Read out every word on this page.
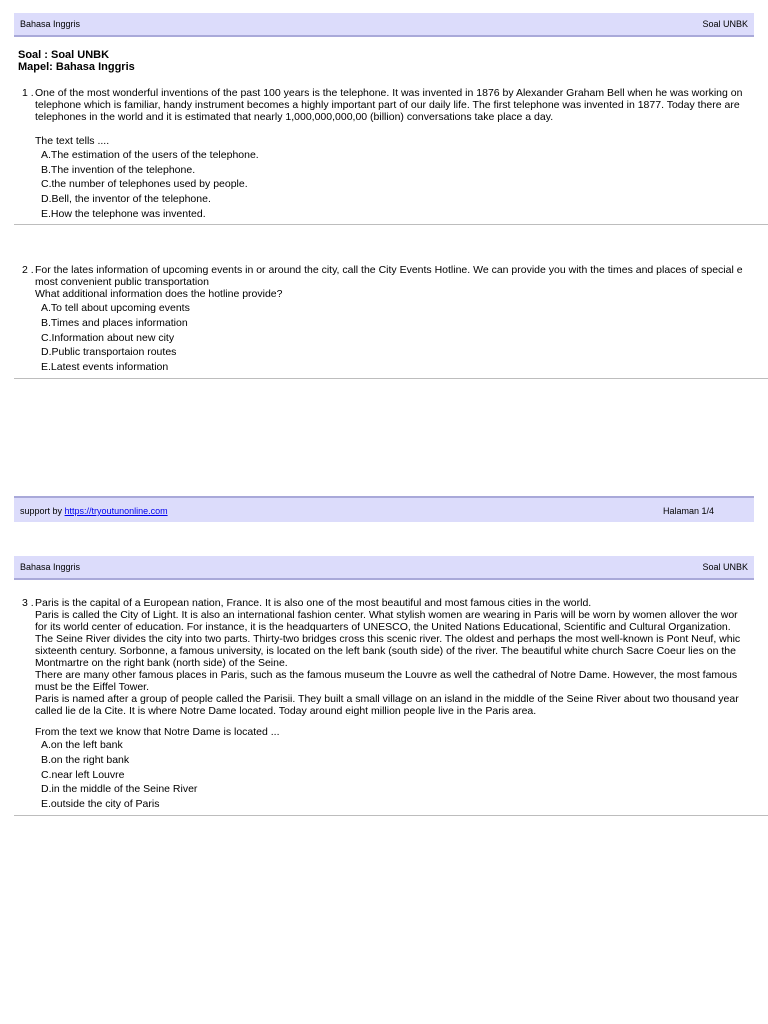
Bahasa Inggris	Soal UNBK
Soal : Soal UNBK
Mapel: Bahasa Inggris
1 . One of the most wonderful inventions of the past 100 years is the telephone. It was invented in 1876 by Alexander Graham Bell when he was working on

telephone which is familiar, handy instrument becomes a highly important part of our daily life. The first telephone was invented in 1877. Today there are

telephones in the world and it is estimated that nearly 1,000,000,000,00 (billion) conversations take place a day.

The text tells ....
A.The estimation of the users of the telephone.
B.The invention of the telephone.
C.the number of telephones used by people.
D.Bell, the inventor of the telephone.
E.How the telephone was invented.
2 . For the lates information of upcoming events in or around the city, call the City Events Hotline. We can provide you with the times and places of special e

most convenient public transportation

What additional information does the hotline provide?

A.To tell about upcoming events
B.Times and places information
C.Information about new city
D.Public transportaion routes
E.Latest events information
support by https://tryoutunonline.com	Halaman 1/4
Bahasa Inggris	Soal UNBK
3 . Paris is the capital of a European nation, France. It is also one of the most beautiful and most famous cities in the world.

Paris is called the City of Light. It is also an international fashion center. What stylish women are wearing in Paris will be worn by women allover the wor

for its world center of education. For instance, it is the headquarters of UNESCO, the United Nations Educational, Scientific and Cultural Organization.

The Seine River divides the city into two parts. Thirty-two bridges cross this scenic river. The oldest and perhaps the most well-known is Pont Neuf, whic

sixteenth century. Sorbonne, a famous university, is located on the left bank (south side) of the river. The beautiful white church Sacre Coeur lies on the

Montmartre on the right bank (north side) of the Seine.

There are many other famous places in Paris, such as the famous museum the Louvre as well the cathedral of Notre Dame. However, the most famous

must be the Eiffel Tower.

Paris is named after a group of people called the Parisii. They built a small village on an island in the middle of the Seine River about two thousand year

called lie de la Cite. It is where Notre Dame located. Today around eight million people live in the Paris area.

From the text we know that Notre Dame is located ...
A.on the left bank
B.on the right bank
C.near left Louvre
D.in the middle of the Seine River
E.outside the city of Paris
